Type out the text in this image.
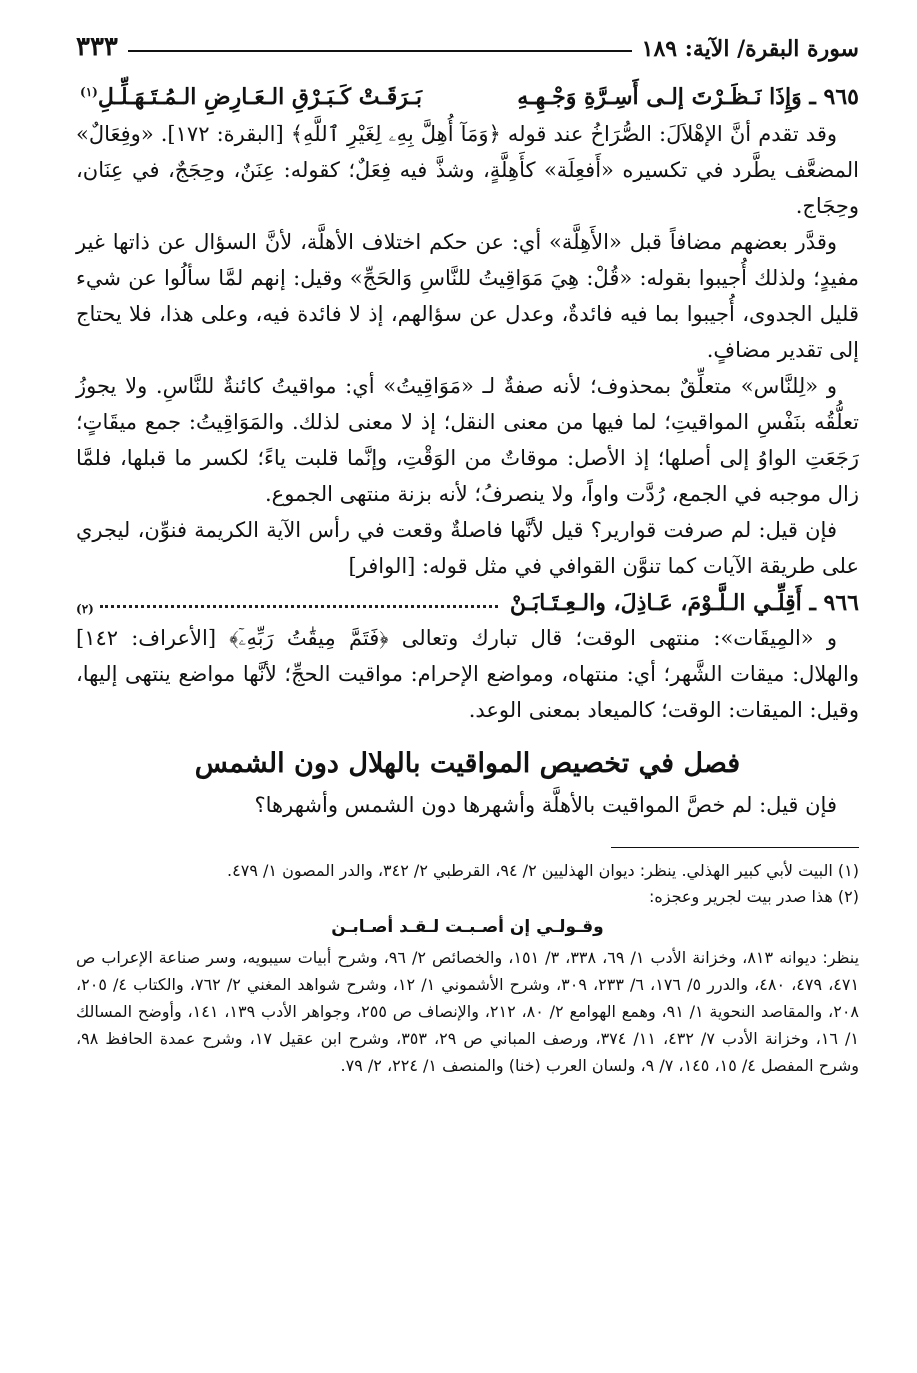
سورة البقرة/ الآية: ١٨٩
٣٣٣
٩٦٥ ـ وَإِذَا نَـظَـرْتَ إلـى أَسِـرَّةِ وَجْـهِـهِ
بَـرَقَـتْ كَـبَـرْقِ الـعَـارِضِ الـمُـتَـهَـلِّـلِ$^{(١)}$

وقد تقدم أنَّ الإهْلاَلَ: الصُّرَاخُ عند قوله ﴿وَمَآ أُهِلَّ بِهِۦ لِغَيْرِ ٱللَّهِ﴾ [البقرة: ١٧٢]. «وفِعَالٌ» المضعَّف يطَّرد في تكسيره «أَفعِلَة» كأَهِلَّةٍ، وشذَّ فيه فِعَلٌ؛ كقوله: عِنَنٌ، وحِجَجٌ، في عِنَان، وحِجَاج.

وقدَّر بعضهم مضافاً قبل «الأَهِلَّة» أي: عن حكم اختلاف الأهلَّة، لأنَّ السؤال عن ذاتها غير مفيدٍ؛ ولذلك أُجيبوا بقوله: «قُلْ: هِيَ مَوَاقِيتُ للنَّاسِ وَالحَجِّ» وقيل: إنهم لمَّا سألُوا عن شيء قليل الجدوى، أُجيبوا بما فيه فائدةٌ، وعدل عن سؤالهم، إذ لا فائدة فيه، وعلى هذا، فلا يحتاج إلى تقدير مضافٍ.

و «لِلنَّاس» متعلِّقٌ بمحذوف؛ لأنه صفةٌ لـ «مَوَاقِيتُ» أي: مواقيتُ كائنةٌ للنَّاسِ. ولا يجوزُ تعلُّقُه بنَفْسِ المواقيتِ؛ لما فيها من معنى النقل؛ إذ لا معنى لذلك. والمَوَاقِيتُ: جمع ميقَاتٍ؛ رَجَعَتِ الواوُ إلى أصلها؛ إذ الأصل: موقاتٌ من الوَقْتِ، وإنَّما قلبت ياءً؛ لكسر ما قبلها، فلمَّا زال موجبه في الجمع، رُدَّت واواً، ولا ينصرفُ؛ لأنه بزنة منتهى الجموع.

فإن قيل: لم صرفت قوارير؟ قيل لأنَّها فاصلةٌ وقعت في رأس الآية الكريمة فنوِّن، ليجري على طريقة الآيات كما تنوَّن القوافي في مثل قوله: [الوافر]

٩٦٦ ـ أَقِلِّـي الـلَّـوْمَ، عَـاذِلَ، والـعِـتَـابَـنْ
(٢)

و «المِيقَات»: منتهى الوقت؛ قال تبارك وتعالى ﴿فَتَمَّ مِيقَٰتُ رَبِّهِۦٓ﴾ [الأعراف: ١٤٢] والهلال: ميقات الشَّهر؛ أي: منتهاه، ومواضع الإحرام: مواقيت الحجِّ؛ لأنَّها مواضع ينتهى إليها، وقيل: الميقات: الوقت؛ كالميعاد بمعنى الوعد.

فصل في تخصيص المواقيت بالهلال دون الشمس

فإن قيل: لم خصَّ المواقيت بالأهلَّة وأشهرها دون الشمس وأشهرها؟

(١) البيت لأبي كبير الهذلي. ينظر: ديوان الهذليين ٢/ ٩٤، القرطبي ٢/ ٣٤٢، والدر المصون ١/ ٤٧٩.

(٢) هذا صدر بيت لجرير وعجزه:

وقـولـي إن أصـبـت لـقـد أصـابـن

ينظر: ديوانه ٨١٣، وخزانة الأدب ١/ ٦٩، ٣٣٨، ٣/ ١٥١، والخصائص ٢/ ٩٦، وشرح أبيات سيبويه، وسر صناعة الإعراب ص ٤٧١، ٤٧٩، ٤٨٠، والدرر ٥/ ١٧٦، ٦/ ٢٣٣، ٣٠٩، وشرح الأشموني ١/ ١٢، وشرح شواهد المغني ٢/ ٧٦٢، والكتاب ٤/ ٢٠٥، ٢٠٨، والمقاصد النحوية ١/ ٩١، وهمع الهوامع ٢/ ٨٠، ٢١٢، والإنصاف ص ٢٥٥، وجواهر الأدب ١٣٩، ١٤١، وأوضح المسالك ١/ ١٦، وخزانة الأدب ٧/ ٤٣٢، ١١/ ٣٧٤، ورصف المباني ص ٢٩، ٣٥٣، وشرح ابن عقيل ١٧، وشرح عمدة الحافظ ٩٨، وشرح المفصل ٤/ ١٥، ١٤٥، ٧/ ٩، ولسان العرب (خنا) والمنصف ١/ ٢٢٤، ٢/ ٧٩.
